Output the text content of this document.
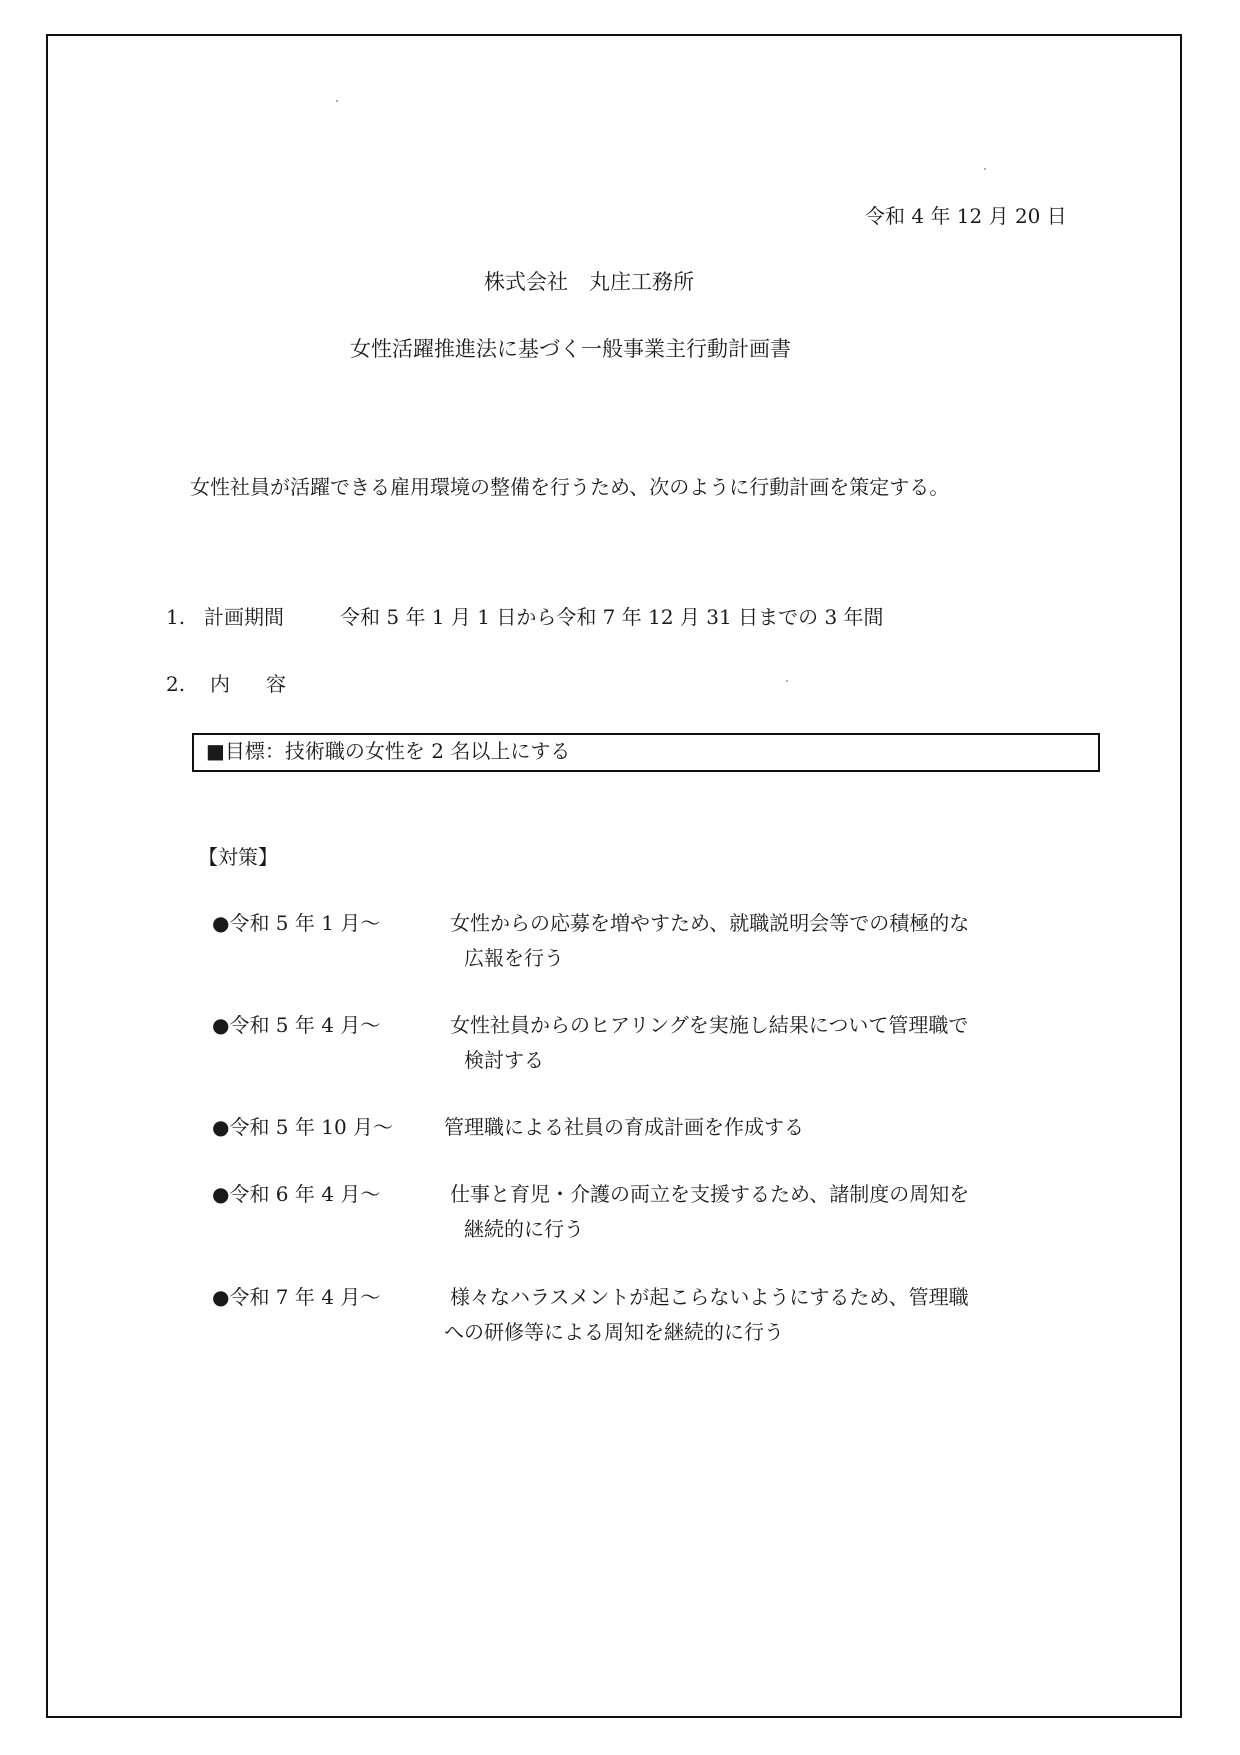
令和 4 年 12 月 20 日
株式会社　丸庄工務所
女性活躍推進法に基づく一般事業主行動計画書
女性社員が活躍できる雇用環境の整備を行うため、次のように行動計画を策定する。
1. 計画期間	令和 5 年 1 月 1 日から令和 7 年 12 月 31 日までの 3 年間
2. 内容
■目標：技術職の女性を 2 名以上にする
【対策】
●令和 5 年 1 月～	女性からの応募を増やすため、就職説明会等での積極的な
広報を行う
●令和 5 年 4 月～	女性社員からのヒアリングを実施し結果について管理職で
検討する
●令和 5 年 10 月～	管理職による社員の育成計画を作成する
●令和 6 年 4 月～	仕事と育児・介護の両立を支援するため、諸制度の周知を
継続的に行う
●令和 7 年 4 月～	様々なハラスメントが起こらないようにするため、管理職
への研修等による周知を継続的に行う
